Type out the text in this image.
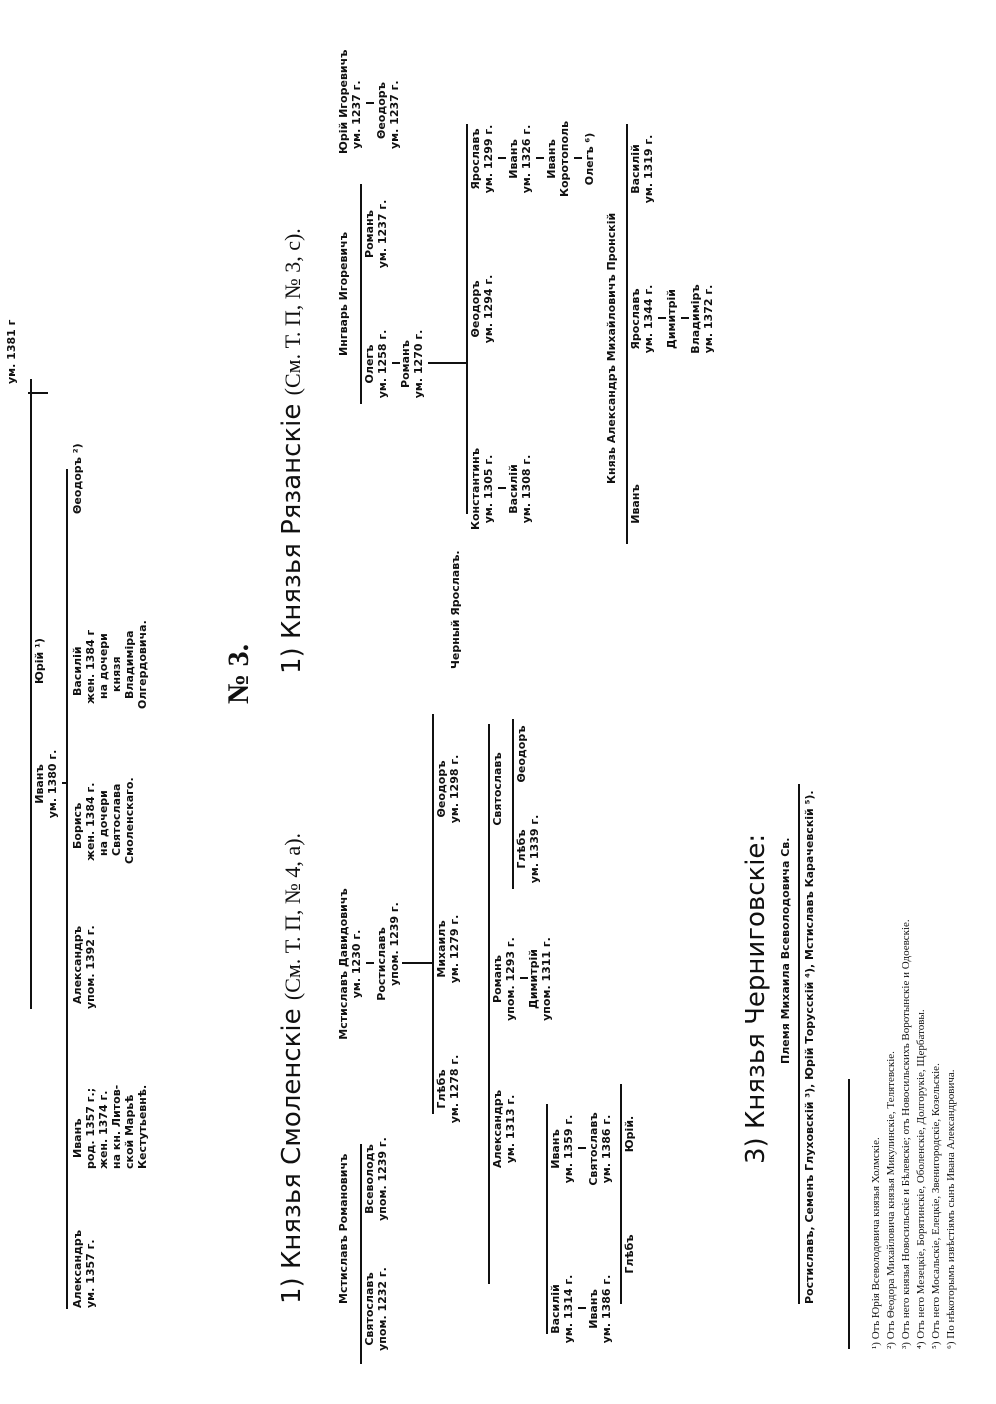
ум. 1381 г
Иванъ ум. 1380 г.
Юрій ¹)
Александръ ум. 1357 г.
Иванъ род. 1357 г.; жен. 1374 г. на кн. Литов- ской Марьѣ Кестутьевнѣ.
Александръ упом. 1392 г.
Борисъ жен. 1384 г. на дочери Святослава Смоленскаго.
Василій жен. 1384 г на дочери князя Владиміра Олгердовича.
Θеодоръ ²)
№ 3.
1) Князья Смоленскіе (См. Т. П, № 4, а).
Мстиславъ Романовичъ
Святославъ упом. 1232 г.
Всеволодъ упом. 1239 г.
Мстиславъ Давидовичъ ум. 1230 г. Ростиславъ упом. 1239 г.
Черный Ярославъ.
Глѣбъ ум. 1278 г.
Михаилъ ум. 1279 г.
Θеодоръ ум. 1298 г.
Александръ ум. 1313 г.
Романъ упом. 1293 г. Димитрій упом. 1311 г.
Святославъ
Глѣбъ ум. 1339 г.
Θеодоръ
Василій ум. 1314 г.
Иванъ ум. 1359 г.
Иванъ ум. 1386 г.
Святославъ ум. 1386 г.
Глѣбъ
Юрій.
1) Князья Рязанскіе (См. Т. П, № 3, с).	Ингварь Игоревичъ
Олегъ ум. 1258 г.
Романъ ум. 1237 г.
Романъ ум. 1270 г.
Константинъ ум. 1305 г.
Θеодоръ ум. 1294 г.
Ярославъ ум. 1299 г.
Василій ум. 1308 г.
Иванъ ум. 1326 г. Иванъ Коротополь Олегъ ⁶)
Юрій Игоревичъ ум. 1237 г. Θеодоръ ум. 1237 г.
Князь Александръ Михайловичъ Пронскій
Иванъ
Ярославъ ум. 1344 г.
Василій ум. 1319 г.
Димитрій Владиміръ ум. 1372 г.
3) Князья Черниговскіе: Племя Михаила Всеволодовича Св. Ростиславъ, Семенъ Глуховскій ³), Юрій Торусскій ⁴), Мстиславъ Карачевскій ⁵).	¹) Отъ Юрія Всеволодовича князья Холмскіе. ²) Отъ Θеодора Михайловича князья Микулинскіе, Телятевскіе. ³) Отъ него князья Новосильскіе и Бѣлевскіе; отъ Новосильскихъ Воротынскіе и Одоевскіе. ⁴) Отъ него Мезецкіе, Борятинскіе, Оболенскіе, Долгорукіе, Щербатовы. ⁵) Отъ него Мосальскіе, Елецкіе, Звенигородскіе, Козельскіе. ⁶) По нѣкоторымъ извѣстіямъ сынъ Ивана Александровича.
